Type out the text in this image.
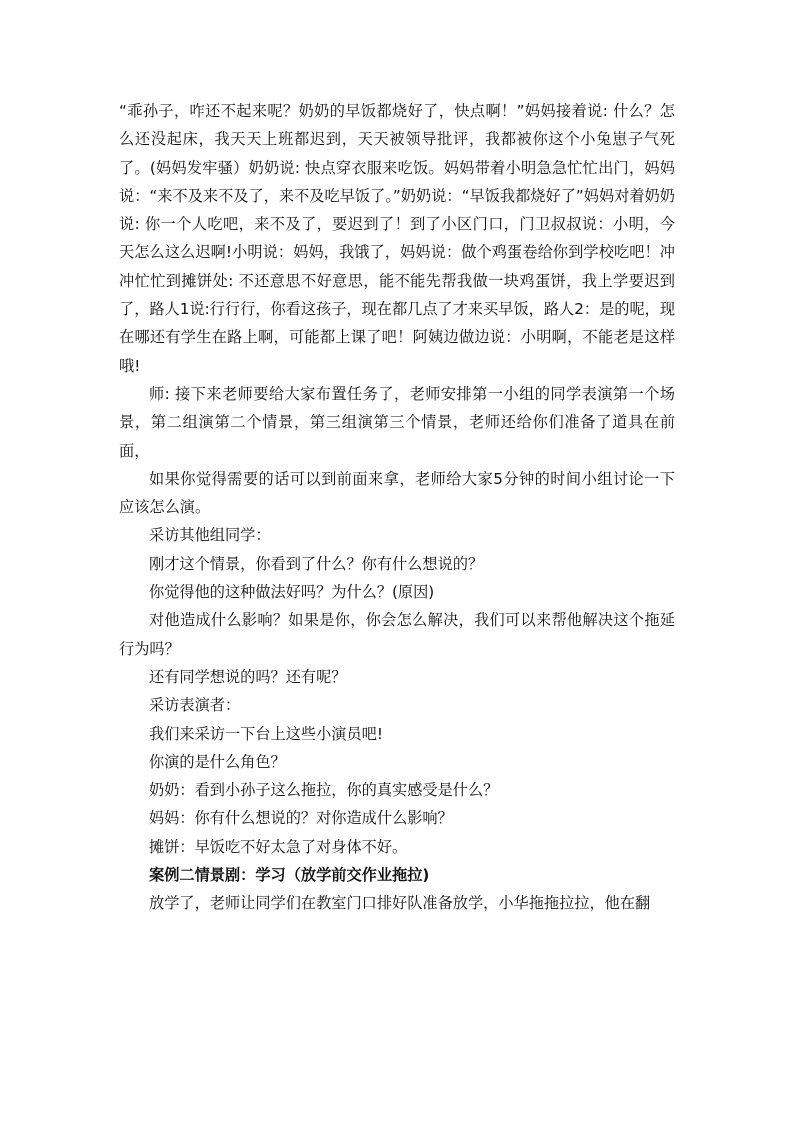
“乖孙子，咋还不起来呢？奶奶的早饭都烧好了，快点啊！”妈妈接着说: 什么？怎么还没起床，我天天上班都迟到，天天被领导批评，我都被你这个小兔崽子气死了。(妈妈发牢骚）奶奶说: 快点穿衣服来吃饭。妈妈带着小明急急忙忙出门，妈妈说：“来不及来不及了，来不及吃早饭了。”奶奶说：“早饭我都烧好了”妈妈对着奶奶说: 你一个人吃吧，来不及了，要迟到了！到了小区门口，门卫叔叔说：小明，今天怎么这么迟啊!小明说：妈妈，我饿了，妈妈说：做个鸡蛋卷给你到学校吃吧！冲冲忙忙到摊饼处: 不还意思不好意思，能不能先帮我做一块鸡蛋饼，我上学要迟到了，路人1说:行行行，你看这孩子，现在都几点了才来买早饭，路人2：是的呢，现在哪还有学生在路上啊，可能都上课了吧！阿姨边做边说：小明啊，不能老是这样哦!

师: 接下来老师要给大家布置任务了，老师安排第一小组的同学表演第一个场景，第二组演第二个情景，第三组演第三个情景，老师还给你们准备了道具在前面，

如果你觉得需要的话可以到前面来拿，老师给大家5分钟的时间小组讨论一下应该怎么演。

采访其他组同学：

刚才这个情景，你看到了什么？你有什么想说的？

你觉得他的这种做法好吗？为什么？(原因)

对他造成什么影响？如果是你，你会怎么解决，我们可以来帮他解决这个拖延行为吗？

还有同学想说的吗？还有呢？

采访表演者：

我们来采访一下台上这些小演员吧!

你演的是什么角色？

奶奶：看到小孙子这么拖拉，你的真实感受是什么？

妈妈：你有什么想说的？对你造成什么影响？

摊饼：早饭吃不好太急了对身体不好。

案例二情景剧：学习（放学前交作业拖拉)

放学了，老师让同学们在教室门口排好队准备放学，小华拖拖拉拉，他在翻
